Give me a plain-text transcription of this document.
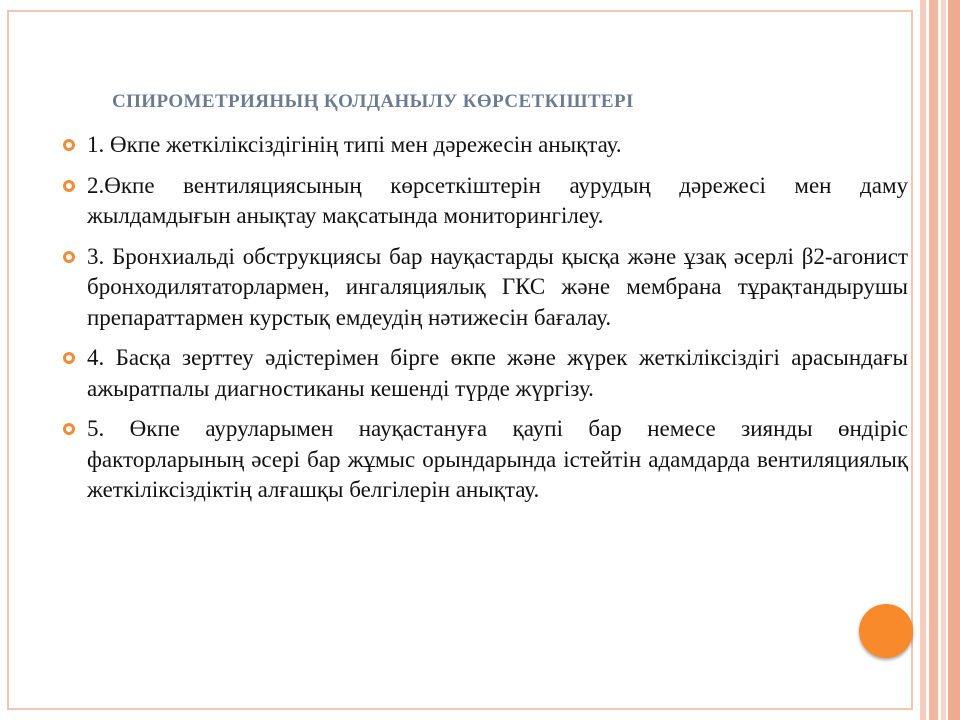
СПИРОМЕТРИЯНЫҢ ҚОЛДАНЫЛУ КӨРСЕТКІШТЕРІ
1. Өкпе жеткіліксіздігінің типі мен дәрежесін анықтау.
2.Өкпе вентиляциясының көрсеткіштерін аурудың дәрежесі мен даму жылдамдығын анықтау мақсатында мониторингілеу.
3. Бронхиальді обструкциясы бар науқастарды қысқа және ұзақ әсерлі β2-агонист бронходилятаторлармен, ингаляциялық ГКС және мембрана тұрақтандырушы препараттармен курстық емдеудің нәтижесін бағалау.
4. Басқа зерттеу әдістерімен бірге өкпе және жүрек жеткіліксіздігі арасындағы ажыратпалы диагностиканы кешенді түрде жүргізу.
5. Өкпе ауруларымен науқастануға қаупі бар немесе зиянды өндіріс факторларының әсері бар жұмыс орындарында істейтін адамдарда вентиляциялық жеткіліксіздіктің алғашқы белгілерін анықтау.
